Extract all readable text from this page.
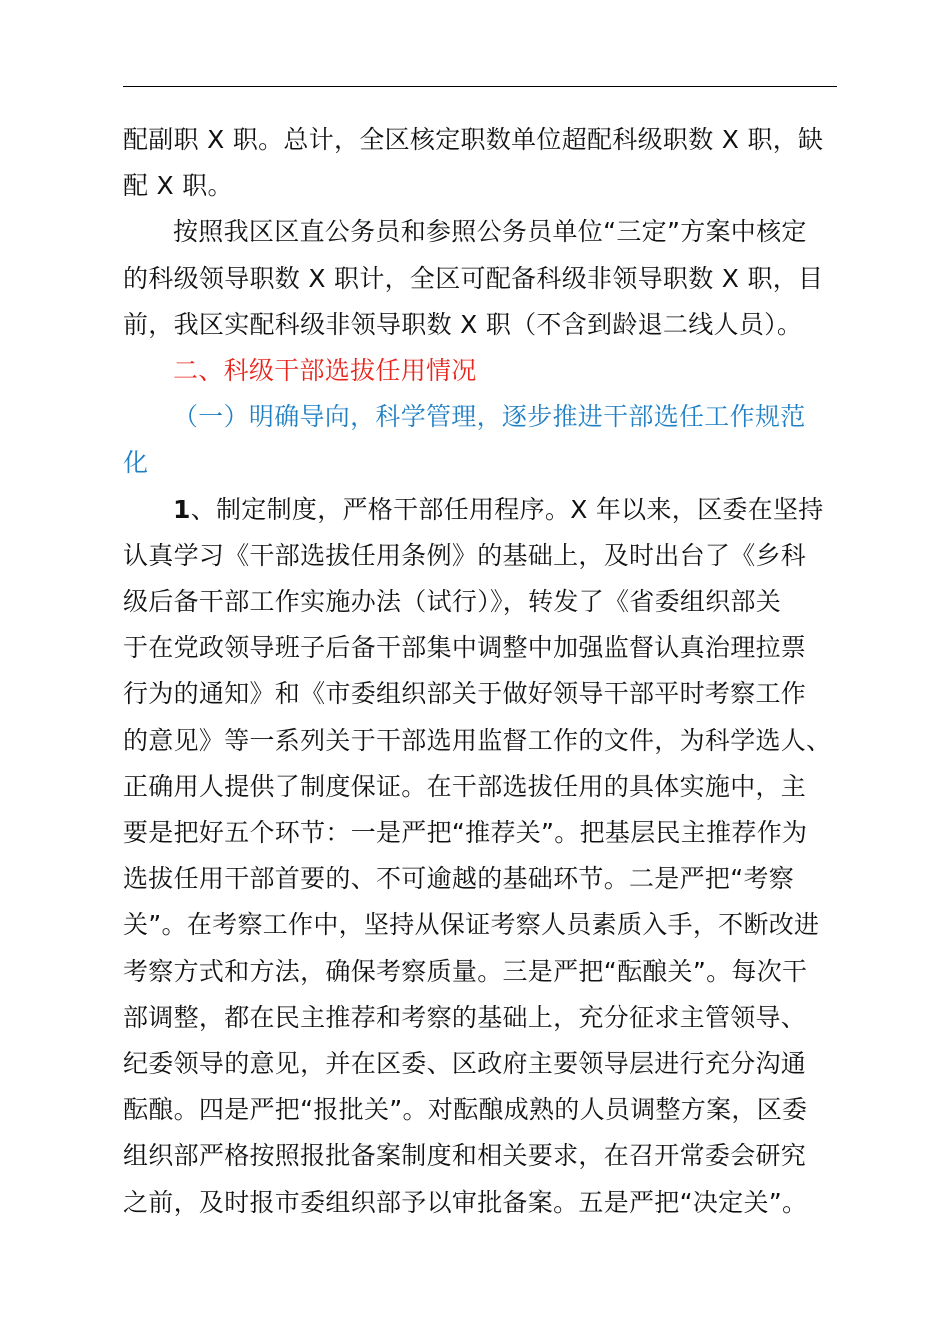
配副职 X 职。总计，全区核定职数单位超配科级职数 X 职，缺
配 X 职。
按照我区区直公务员和参照公务员单位“三定”方案中核定
的科级领导职数 X 职计，全区可配备科级非领导职数 X 职，目
前，我区实配科级非领导职数 X 职（不含到龄退二线人员）。
二、科级干部选拔任用情况
（一）明确导向，科学管理，逐步推进干部选任工作规范
化
1、制定制度，严格干部任用程序。X 年以来，区委在坚持
认真学习《干部选拔任用条例》的基础上，及时出台了《乡科
级后备干部工作实施办法（试行）》，转发了《省委组织部关
于在党政领导班子后备干部集中调整中加强监督认真治理拉票
行为的通知》和《市委组织部关于做好领导干部平时考察工作
的意见》等一系列关于干部选用监督工作的文件，为科学选人、
正确用人提供了制度保证。在干部选拔任用的具体实施中，主
要是把好五个环节：一是严把“推荐关”。把基层民主推荐作为
选拔任用干部首要的、不可逾越的基础环节。二是严把“考察
关”。在考察工作中，坚持从保证考察人员素质入手，不断改进
考察方式和方法，确保考察质量。三是严把“酝酿关”。每次干
部调整，都在民主推荐和考察的基础上，充分征求主管领导、
纪委领导的意见，并在区委、区政府主要领导层进行充分沟通
酝酿。四是严把“报批关”。对酝酿成熟的人员调整方案，区委
组织部严格按照报批备案制度和相关要求，在召开常委会研究
之前，及时报市委组织部予以审批备案。五是严把“决定关”。
